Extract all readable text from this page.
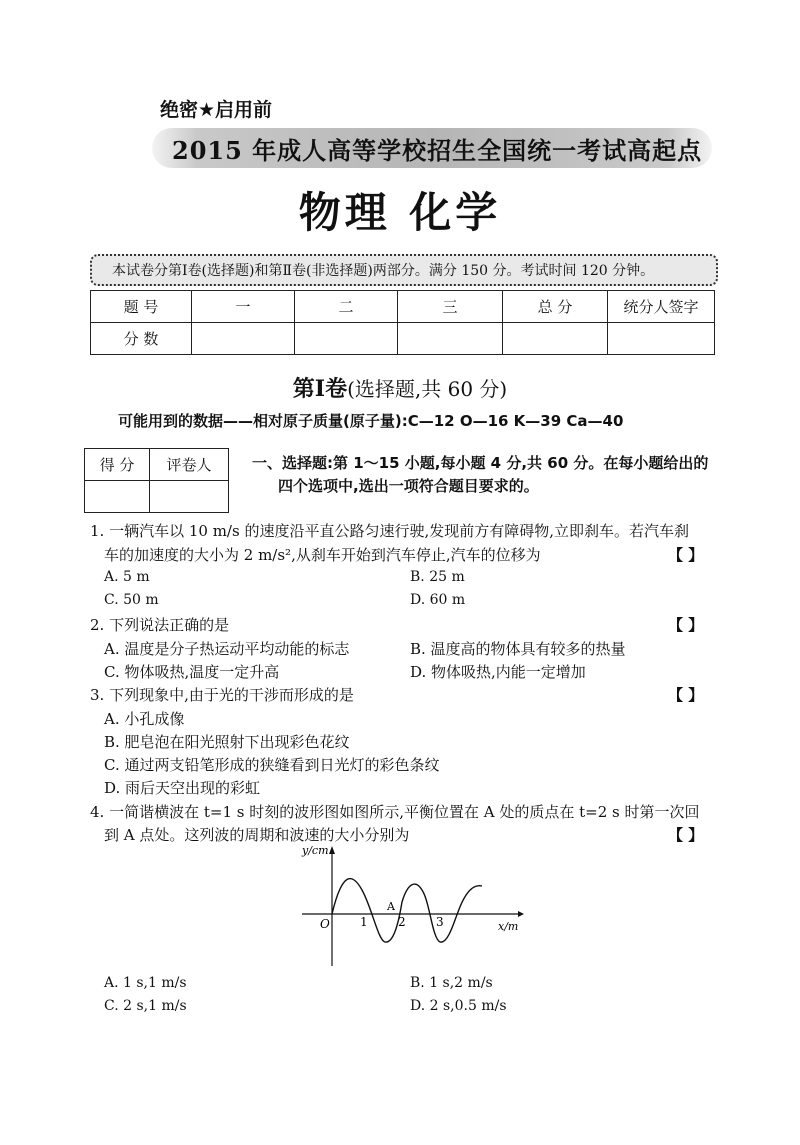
绝密★启用前
2015 年成人高等学校招生全国统一考试高起点
物理 化学
本试卷分第Ⅰ卷(选择题)和第Ⅱ卷(非选择题)两部分。满分 150 分。考试时间 120 分钟。
题 号	一	二	三	总 分	统分人签字
分 数					
第Ⅰ卷(选择题,共 60 分)
可能用到的数据——相对原子质量(原子量):C—12 O—16 K—39 Ca—40
得 分	评卷人
		一、选择题:第 1～15 小题,每小题 4 分,共 60 分。在每小题给出的
四个选项中,选出一项符合题目要求的。
1. 一辆汽车以 10 m/s 的速度沿平直公路匀速行驶,发现前方有障碍物,立即刹车。若汽车刹
车的加速度的大小为 2 m/s²,从刹车开始到汽车停止,汽车的位移为	【 】
A. 5 m	B. 25 m
C. 50 m	D. 60 m
2. 下列说法正确的是	【 】
A. 温度是分子热运动平均动能的标志	B. 温度高的物体具有较多的热量
C. 物体吸热,温度一定升高	D. 物体吸热,内能一定增加
3. 下列现象中,由于光的干涉而形成的是	【 】
A. 小孔成像
B. 肥皂泡在阳光照射下出现彩色花纹
C. 通过两支铅笔形成的狭缝看到日光灯的彩色条纹
D. 雨后天空出现的彩虹
4. 一简谐横波在 t=1 s 时刻的波形图如图所示,平衡位置在 A 处的质点在 t=2 s 时第一次回
到 A 点处。这列波的周期和波速的大小分别为	【 】
y/cm
x/m
O	1	2	3
A
A. 1 s,1 m/s	B. 1 s,2 m/s
C. 2 s,1 m/s	D. 2 s,0.5 m/s
